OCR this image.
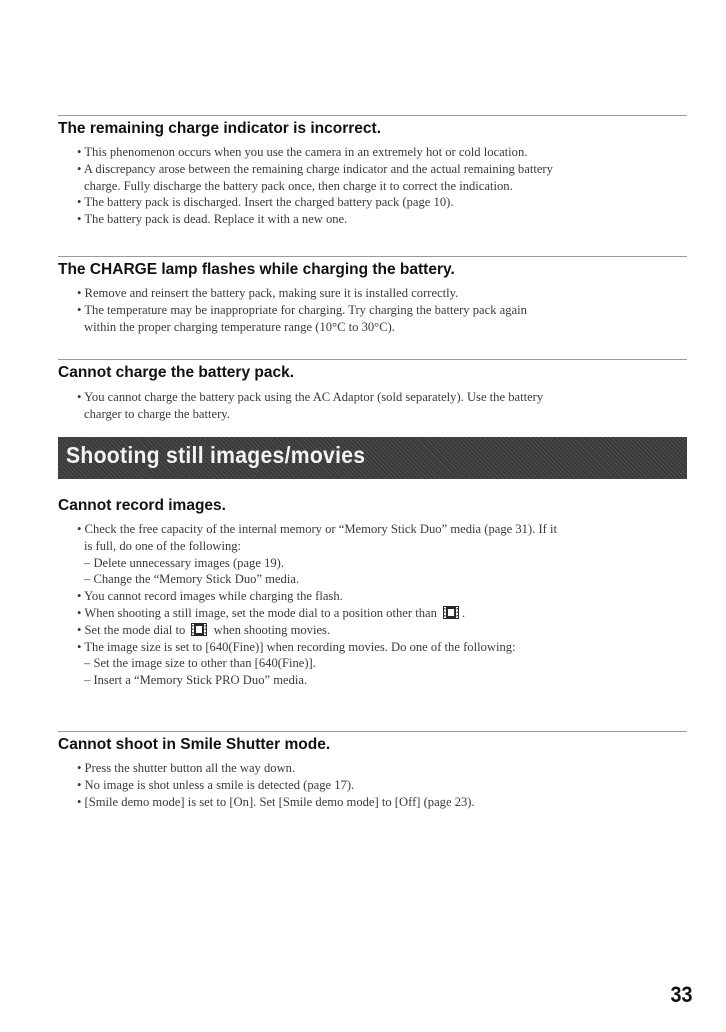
The remaining charge indicator is incorrect.
• This phenomenon occurs when you use the camera in an extremely hot or cold location.
• A discrepancy arose between the remaining charge indicator and the actual remaining battery
charge. Fully discharge the battery pack once, then charge it to correct the indication.
• The battery pack is discharged. Insert the charged battery pack (page 10).
• The battery pack is dead. Replace it with a new one.
The CHARGE lamp flashes while charging the battery.
• Remove and reinsert the battery pack, making sure it is installed correctly.
• The temperature may be inappropriate for charging. Try charging the battery pack again
within the proper charging temperature range (10°C to 30°C).
Cannot charge the battery pack.
• You cannot charge the battery pack using the AC Adaptor (sold separately). Use the battery
charger to charge the battery.
Shooting still images/movies
Cannot record images.
• Check the free capacity of the internal memory or “Memory Stick Duo” media (page 31). If it
is full, do one of the following:
– Delete unnecessary images (page 19).
– Change the “Memory Stick Duo” media.
• You cannot record images while charging the flash.
• When shooting a still image, set the mode dial to a position other than .
• Set the mode dial to when shooting movies.
• The image size is set to [640(Fine)] when recording movies. Do one of the following:
– Set the image size to other than [640(Fine)].
– Insert a “Memory Stick PRO Duo” media.
Cannot shoot in Smile Shutter mode.
• Press the shutter button all the way down.
• No image is shot unless a smile is detected (page 17).
• [Smile demo mode] is set to [On]. Set [Smile demo mode] to [Off] (page 23).
33
